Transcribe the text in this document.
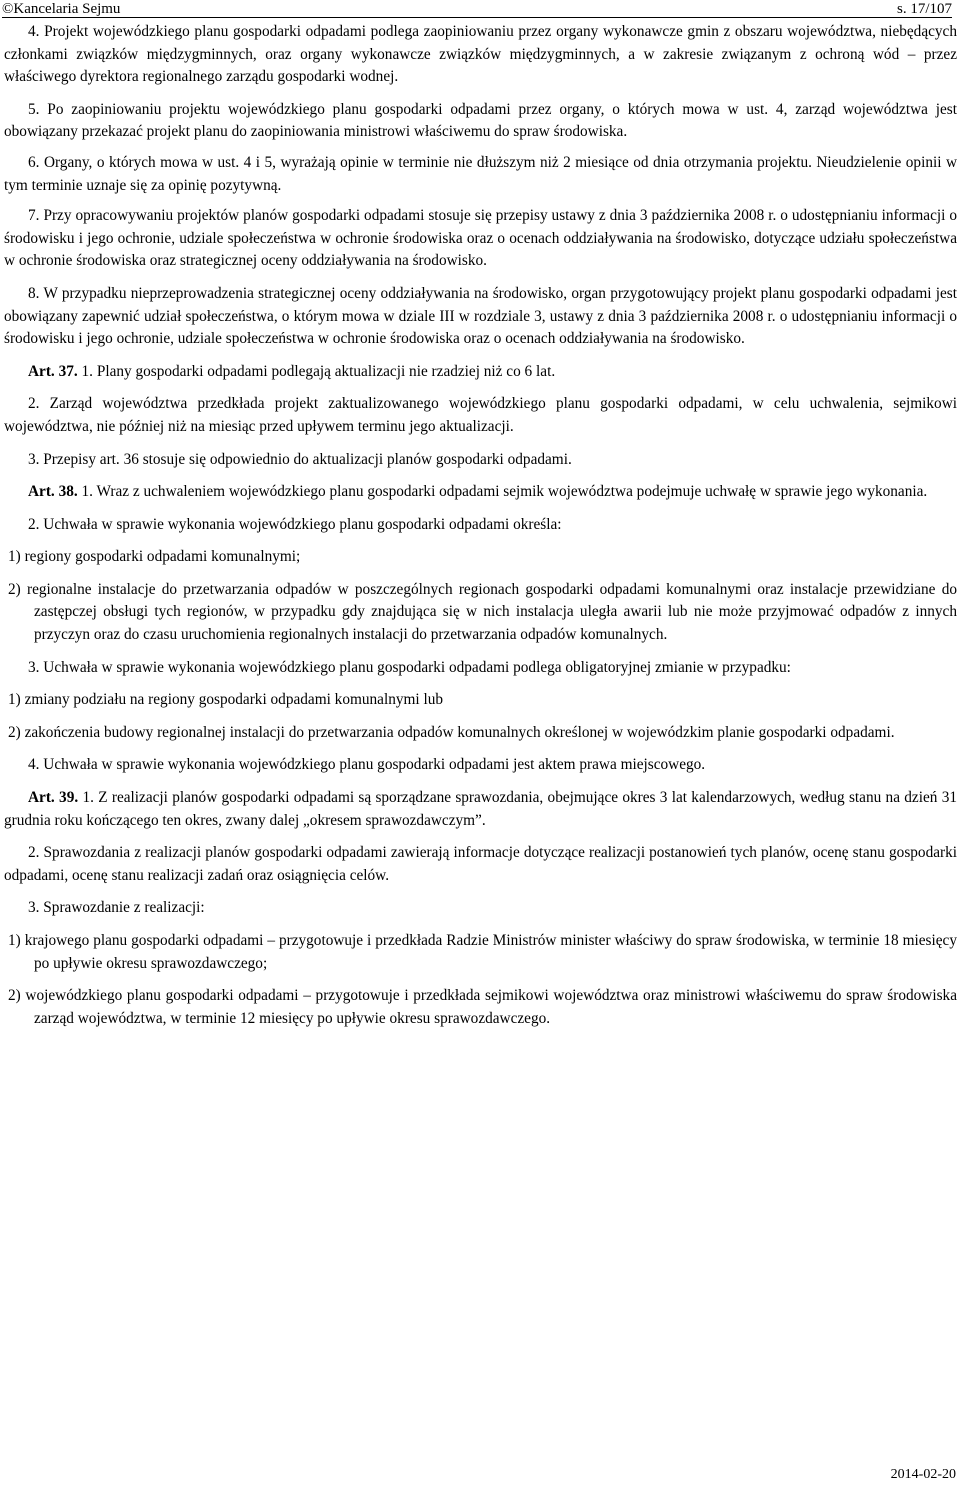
©Kancelaria Sejmu	s. 17/107

4. Projekt wojewódzkiego planu gospodarki odpadami podlega zaopiniowaniu przez organy wykonawcze gmin z obszaru województwa, niebędących członkami związków międzygminnych, oraz organy wykonawcze związków międzygminnych, a w zakresie związanym z ochroną wód – przez właściwego dyrektora regionalnego zarządu gospodarki wodnej.

5. Po zaopiniowaniu projektu wojewódzkiego planu gospodarki odpadami przez organy, o których mowa w ust. 4, zarząd województwa jest obowiązany przekazać projekt planu do zaopiniowania ministrowi właściwemu do spraw środowiska.

6. Organy, o których mowa w ust. 4 i 5, wyrażają opinie w terminie nie dłuższym niż 2 miesiące od dnia otrzymania projektu. Nieudzielenie opinii w tym terminie uznaje się za opinię pozytywną.

7. Przy opracowywaniu projektów planów gospodarki odpadami stosuje się przepisy ustawy z dnia 3 października 2008 r. o udostępnianiu informacji o środowisku i jego ochronie, udziale społeczeństwa w ochronie środowiska oraz o ocenach oddziaływania na środowisko, dotyczące udziału społeczeństwa w ochronie środowiska oraz strategicznej oceny oddziaływania na środowisko.

8. W przypadku nieprzeprowadzenia strategicznej oceny oddziaływania na środowisko, organ przygotowujący projekt planu gospodarki odpadami jest obowiązany zapewnić udział społeczeństwa, o którym mowa w dziale III w rozdziale 3, ustawy z dnia 3 października 2008 r. o udostępnianiu informacji o środowisku i jego ochronie, udziale społeczeństwa w ochronie środowiska oraz o ocenach oddziaływania na środowisko.

Art. 37. 1. Plany gospodarki odpadami podlegają aktualizacji nie rzadziej niż co 6 lat.

2. Zarząd województwa przedkłada projekt zaktualizowanego wojewódzkiego planu gospodarki odpadami, w celu uchwalenia, sejmikowi województwa, nie później niż na miesiąc przed upływem terminu jego aktualizacji.

3. Przepisy art. 36 stosuje się odpowiednio do aktualizacji planów gospodarki odpadami.

Art. 38. 1. Wraz z uchwaleniem wojewódzkiego planu gospodarki odpadami sejmik województwa podejmuje uchwałę w sprawie jego wykonania.

2. Uchwała w sprawie wykonania wojewódzkiego planu gospodarki odpadami określa:

1) regiony gospodarki odpadami komunalnymi;

2) regionalne instalacje do przetwarzania odpadów w poszczególnych regionach gospodarki odpadami komunalnymi oraz instalacje przewidziane do zastępczej obsługi tych regionów, w przypadku gdy znajdująca się w nich instalacja uległa awarii lub nie może przyjmować odpadów z innych przyczyn oraz do czasu uruchomienia regionalnych instalacji do przetwarzania odpadów komunalnych.

3. Uchwała w sprawie wykonania wojewódzkiego planu gospodarki odpadami podlega obligatoryjnej zmianie w przypadku:

1) zmiany podziału na regiony gospodarki odpadami komunalnymi lub

2) zakończenia budowy regionalnej instalacji do przetwarzania odpadów komunalnych określonej w wojewódzkim planie gospodarki odpadami.

4. Uchwała w sprawie wykonania wojewódzkiego planu gospodarki odpadami jest aktem prawa miejscowego.

Art. 39. 1. Z realizacji planów gospodarki odpadami są sporządzane sprawozdania, obejmujące okres 3 lat kalendarzowych, według stanu na dzień 31 grudnia roku kończącego ten okres, zwany dalej „okresem sprawozdawczym”.

2. Sprawozdania z realizacji planów gospodarki odpadami zawierają informacje dotyczące realizacji postanowień tych planów, ocenę stanu gospodarki odpadami, ocenę stanu realizacji zadań oraz osiągnięcia celów.

3. Sprawozdanie z realizacji:

1) krajowego planu gospodarki odpadami – przygotowuje i przedkłada Radzie Ministrów minister właściwy do spraw środowiska, w terminie 18 miesięcy po upływie okresu sprawozdawczego;

2) wojewódzkiego planu gospodarki odpadami – przygotowuje i przedkłada sejmikowi województwa oraz ministrowi właściwemu do spraw środowiska zarząd województwa, w terminie 12 miesięcy po upływie okresu sprawozdawczego.

2014-02-20
